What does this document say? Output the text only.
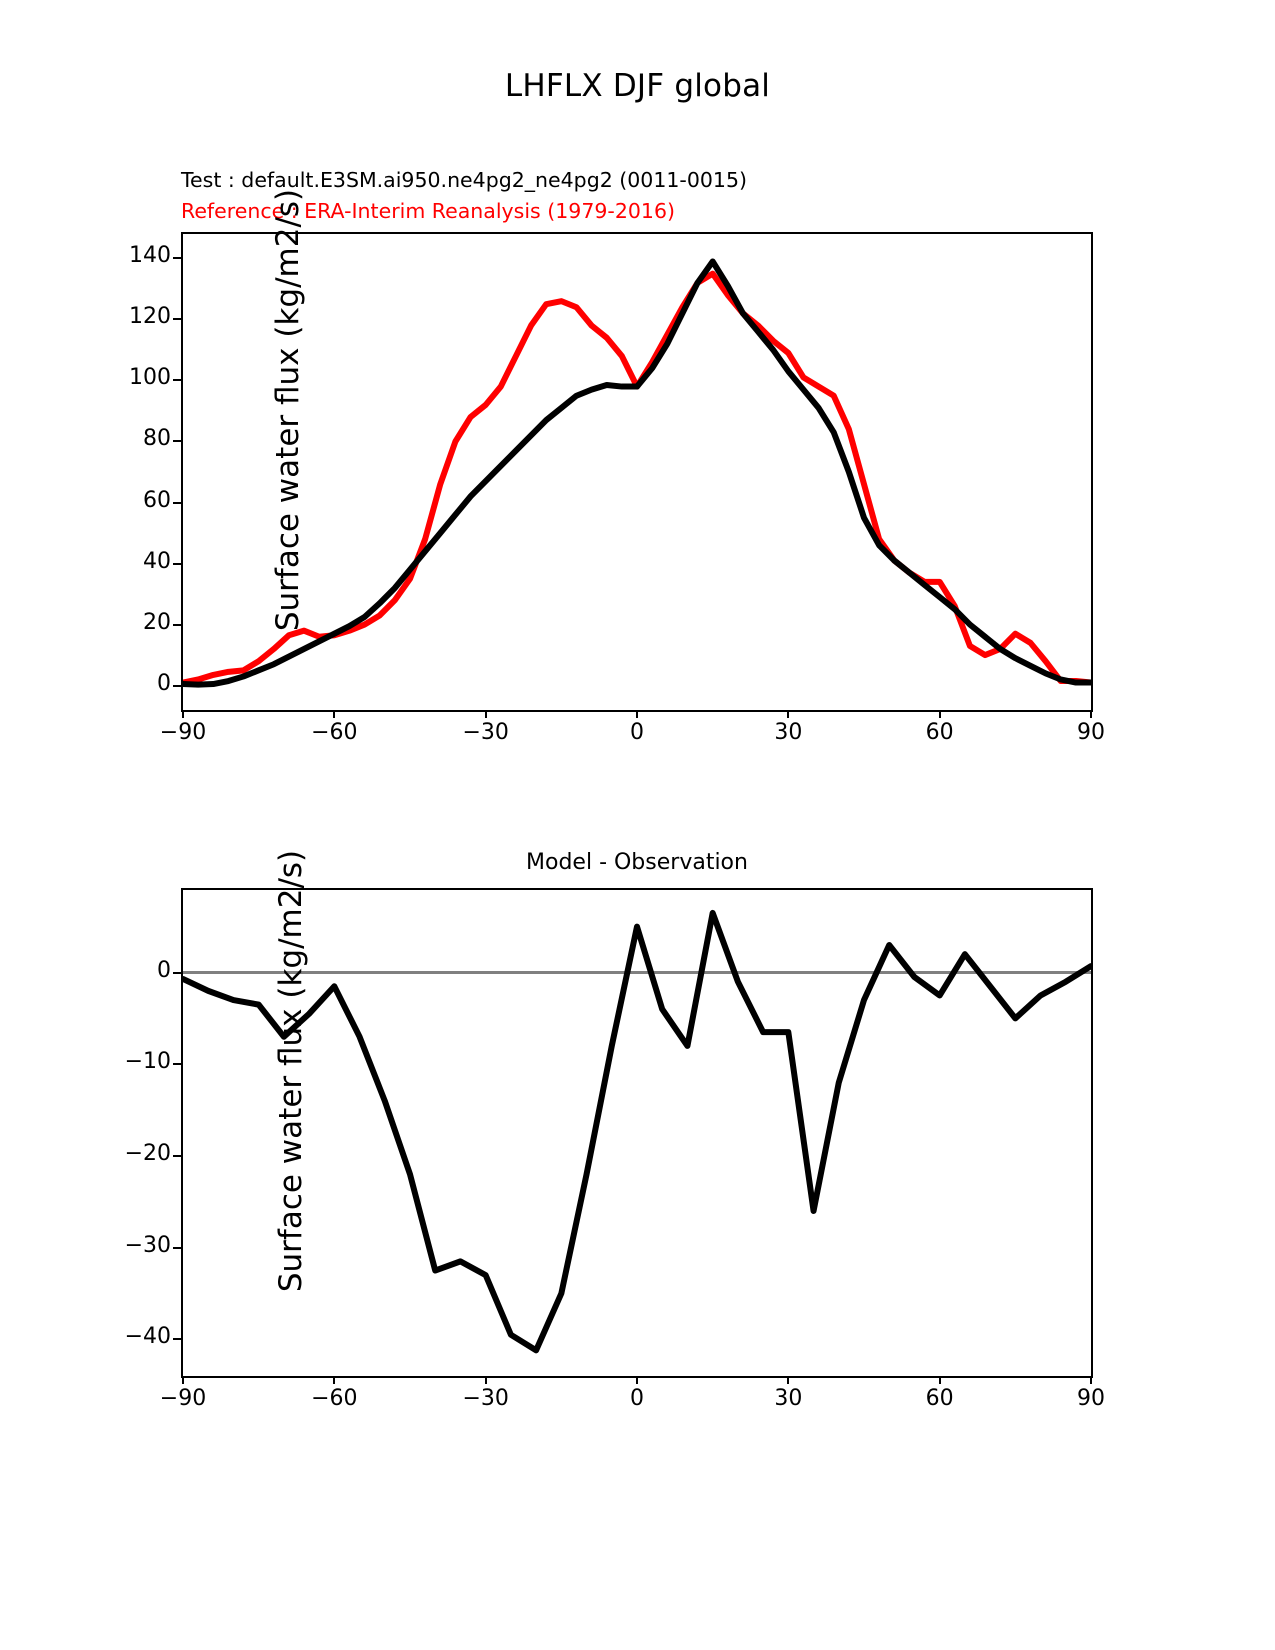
LHFLX DJF global
Test : default.E3SM.ai950.ne4pg2_ne4pg2 (0011-0015)
Reference : ERA-Interim Reanalysis (1979-2016)
Surface water flux (kg/m2/s)
0
20
40
60
80
100
120
140
−90	−60	−30	0	30	60	90
Model - Observation
Surface water flux (kg/m2/s)
−40
−30
−20
−10
0
−90	−60	−30	0	30	60	90
